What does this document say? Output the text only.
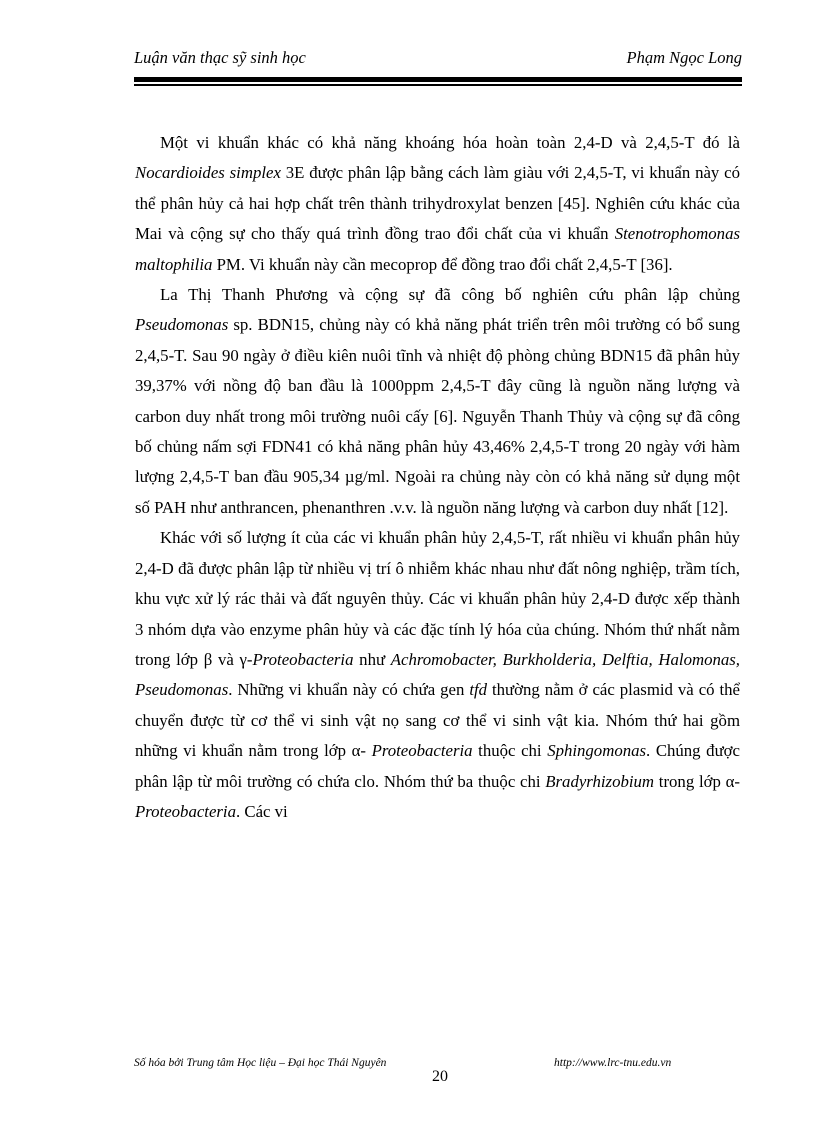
Luận văn thạc sỹ sinh học	Phạm Ngọc Long

Một vi khuẩn khác có khả năng khoáng hóa hoàn toàn 2,4-D và 2,4,5-T đó là Nocardioides simplex 3E được phân lập bằng cách làm giàu với 2,4,5-T, vi khuẩn này có thể phân hủy cả hai hợp chất trên thành trihydroxylat benzen [45]. Nghiên cứu khác của Mai và cộng sự cho thấy quá trình đồng trao đổi chất của vi khuẩn Stenotrophomonas maltophilia PM. Vi khuẩn này cần mecoprop để đồng trao đổi chất 2,4,5-T [36].

La Thị Thanh Phương và cộng sự đã công bố nghiên cứu phân lập chủng Pseudomonas sp. BDN15, chủng này có khả năng phát triển trên môi trường có bổ sung 2,4,5-T. Sau 90 ngày ở điều kiên nuôi tĩnh và nhiệt độ phòng chủng BDN15 đã phân hủy 39,37% với nồng độ ban đầu là 1000ppm 2,4,5-T đây cũng là nguồn năng lượng và carbon duy nhất trong môi trường nuôi cấy [6]. Nguyễn Thanh Thủy và cộng sự đã công bố chủng nấm sợi FDN41 có khả năng phân hủy 43,46% 2,4,5-T trong 20 ngày với hàm lượng 2,4,5-T ban đầu 905,34 µg/ml. Ngoài ra chủng này còn có khả năng sử dụng một số PAH như anthrancen, phenanthren .v.v. là nguồn năng lượng và carbon duy nhất [12].

Khác với số lượng ít của các vi khuẩn phân hủy 2,4,5-T, rất nhiều vi khuẩn phân hủy 2,4-D đã được phân lập từ nhiều vị trí ô nhiễm khác nhau như đất nông nghiệp, trầm tích, khu vực xử lý rác thải và đất nguyên thủy. Các vi khuẩn phân hủy 2,4-D được xếp thành 3 nhóm dựa vào enzyme phân hủy và các đặc tính lý hóa của chúng. Nhóm thứ nhất nằm trong lớp β và γ-Proteobacteria như Achromobacter, Burkholderia, Delftia, Halomonas, Pseudomonas. Những vi khuẩn này có chứa gen tfd thường nằm ở các plasmid và có thể chuyển được từ cơ thể vi sinh vật nọ sang cơ thể vi sinh vật kia. Nhóm thứ hai gồm những vi khuẩn nằm trong lớp α- Proteobacteria thuộc chi Sphingomonas. Chúng được phân lập từ môi trường có chứa clo. Nhóm thứ ba thuộc chi Bradyrhizobium trong lớp α- Proteobacteria. Các vi

Số hóa bởi Trung tâm Học liệu – Đại học Thái Nguyên	http://www.lrc-tnu.edu.vn
20
